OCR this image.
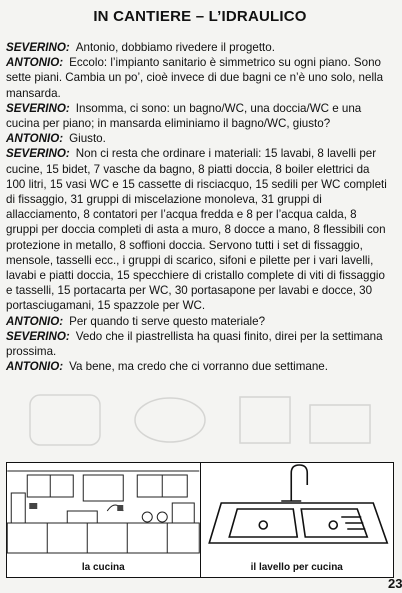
IN CANTIERE – L’IDRAULICO

SEVERINO: Antonio, dobbiamo rivedere il progetto.

ANTONIO: Eccolo: l’impianto sanitario è simmetrico su ogni piano. Sono sette piani. Cambia un po’, cioè invece di due bagni ce n’è uno solo, nella mansarda.

SEVERINO: Insomma, ci sono: un bagno/WC, una doccia/WC e una cucina per piano; in mansarda eliminiamo il bagno/WC, giusto?

ANTONIO: Giusto.

SEVERINO: Non ci resta che ordinare i materiali: 15 lavabi, 8 lavelli per cucine, 15 bidet, 7 vasche da bagno, 8 piatti doccia, 8 boiler elettrici da 100 litri, 15 vasi WC e 15 cassette di risciacquo, 15 sedili per WC completi di fissaggio, 31 gruppi di miscelazione monoleva, 31 gruppi di allacciamento, 8 contatori per l’acqua fredda e 8 per l’acqua calda, 8 gruppi per doccia completi di asta a muro, 8 docce a mano, 8 flessibili con protezione in metallo, 8 soffioni doccia. Servono tutti i set di fissaggio, mensole, tasselli ecc., i gruppi di scarico, sifoni e pilette per i vari lavelli, lavabi e piatti doccia, 15 specchiere di cristallo complete di viti di fissaggio e tasselli, 15 portacarta per WC, 30 portasapone per lavabi e docce, 30 portasciugamani, 15 spazzole per WC.

ANTONIO: Per quando ti serve questo materiale?

SEVERINO: Vedo che il piastrellista ha quasi finito, direi per la settimana prossima.

ANTONIO: Va bene, ma credo che ci vorranno due settimane.

la cucina	il lavello per cucina
23
